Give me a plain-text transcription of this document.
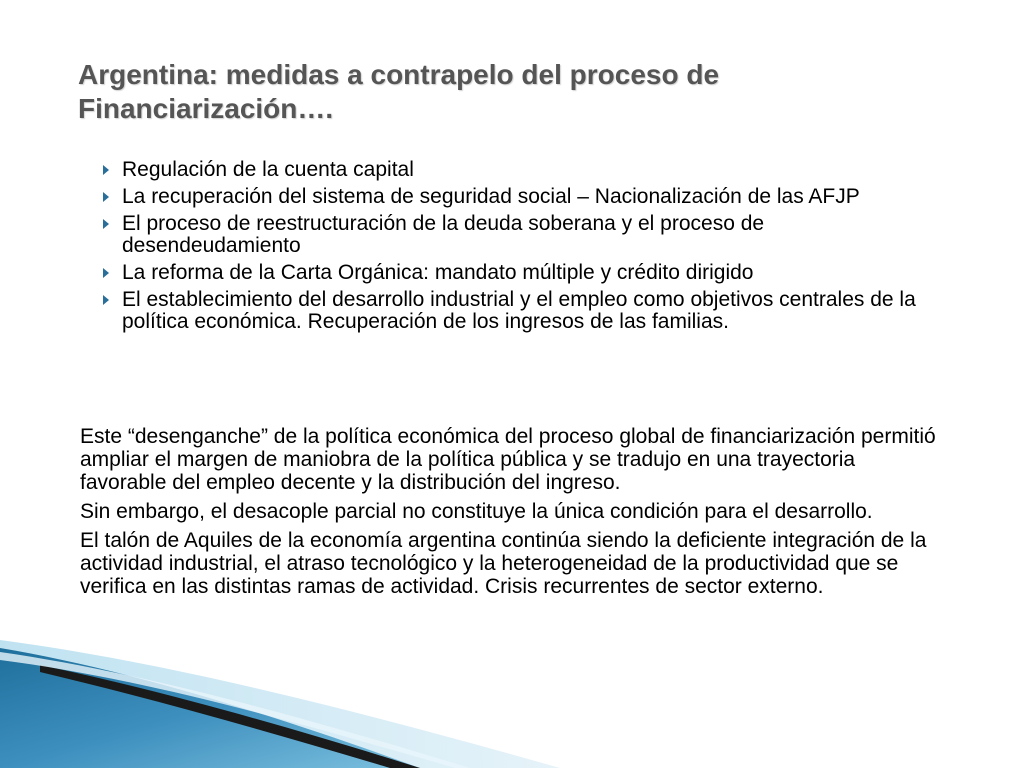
Argentina: medidas a contrapelo del proceso de Financiarización….
Regulación de la cuenta capital
La recuperación del sistema de seguridad social – Nacionalización de las AFJP
El proceso de reestructuración de la deuda soberana y el proceso de desendeudamiento
La reforma de la Carta Orgánica: mandato múltiple y crédito dirigido
El establecimiento del desarrollo industrial y el empleo como objetivos centrales de la política económica. Recuperación de los ingresos de las familias.

Este “desenganche” de la política económica del proceso global de financiarización permitió ampliar el margen de maniobra de la política pública y se tradujo en una trayectoria favorable del empleo decente y la distribución del ingreso.

Sin embargo, el desacople parcial no constituye la única condición para el desarrollo.

El talón de Aquiles de la economía argentina continúa siendo la deficiente integración de la actividad industrial, el atraso tecnológico y la heterogeneidad de la productividad que se verifica en las distintas ramas de actividad. Crisis recurrentes de sector externo.
